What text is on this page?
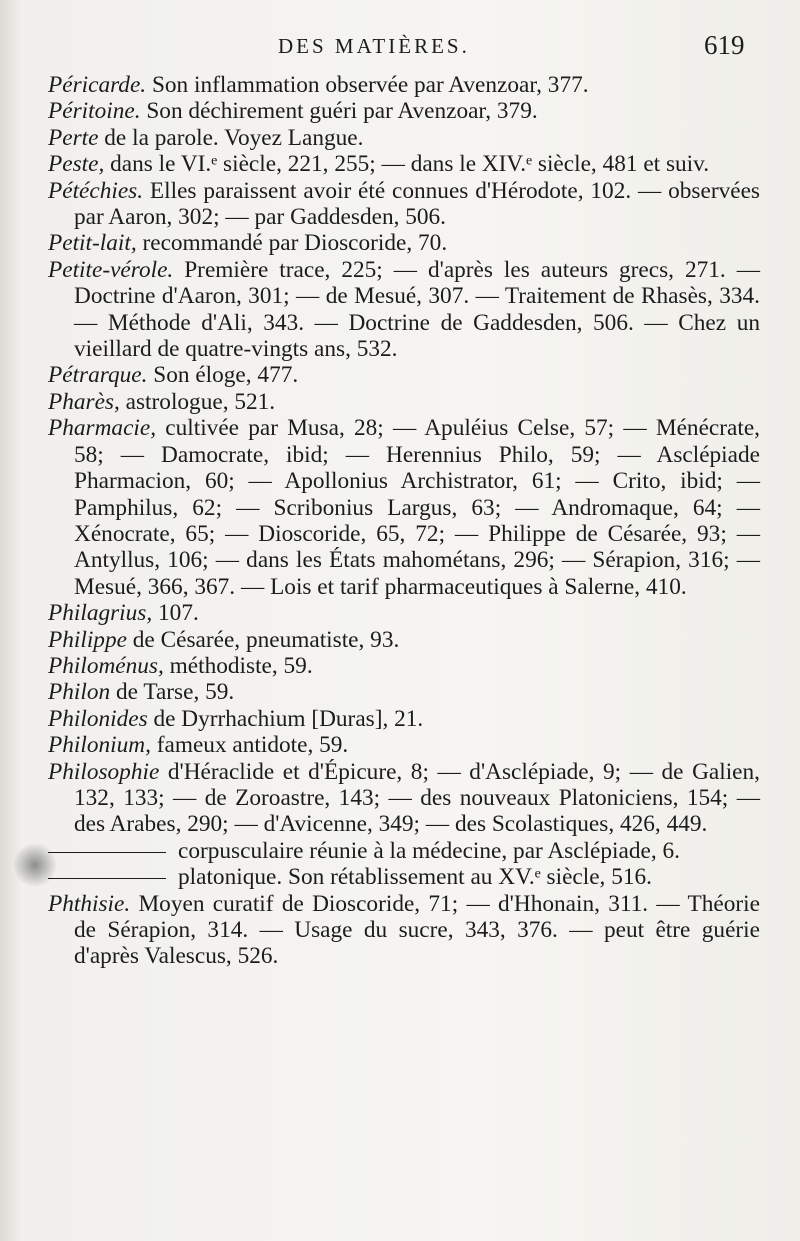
DES MATIÈRES.	619

Péricarde. Son inflammation observée par Avenzoar, 377.

Péritoine. Son déchirement guéri par Avenzoar, 379.

Perte de la parole. Voyez Langue.

Peste, dans le VI.ᵉ siècle, 221, 255; — dans le XIV.ᵉ siècle, 481 et suiv.

Pétéchies. Elles paraissent avoir été connues d'Hérodote, 102. — observées par Aaron, 302; — par Gaddesden, 506.

Petit-lait, recommandé par Dioscoride, 70.

Petite-vérole. Première trace, 225; — d'après les auteurs grecs, 271. — Doctrine d'Aaron, 301; — de Mesué, 307. — Traitement de Rhasès, 334. — Méthode d'Ali, 343. — Doctrine de Gaddesden, 506. — Chez un vieillard de quatre-vingts ans, 532.

Pétrarque. Son éloge, 477.

Pharès, astrologue, 521.

Pharmacie, cultivée par Musa, 28; — Apuléius Celse, 57; — Ménécrate, 58; — Damocrate, ibid; — Herennius Philo, 59; — Asclépiade Pharmacion, 60; — Apollonius Archistrator, 61; — Crito, ibid; — Pamphilus, 62; — Scribonius Largus, 63; — Andromaque, 64; — Xénocrate, 65; — Dioscoride, 65, 72; — Philippe de Césarée, 93; — Antyllus, 106; — dans les États mahométans, 296; — Sérapion, 316; — Mesué, 366, 367. — Lois et tarif pharmaceutiques à Salerne, 410.

Philagrius, 107.

Philippe de Césarée, pneumatiste, 93.

Philoménus, méthodiste, 59.

Philon de Tarse, 59.

Philonides de Dyrrhachium [Duras], 21.

Philonium, fameux antidote, 59.

Philosophie d'Héraclide et d'Épicure, 8; — d'Asclépiade, 9; — de Galien, 132, 133; — de Zoroastre, 143; — des nouveaux Platoniciens, 154; — des Arabes, 290; — d'Avicenne, 349; — des Scolastiques, 426, 449.

corpusculaire réunie à la médecine, par Asclépiade, 6.

platonique. Son rétablissement au XV.ᵉ siècle, 516.

Phthisie. Moyen curatif de Dioscoride, 71; — d'Hhonain, 311. — Théorie de Sérapion, 314. — Usage du sucre, 343, 376. — peut être guérie d'après Valescus, 526.
